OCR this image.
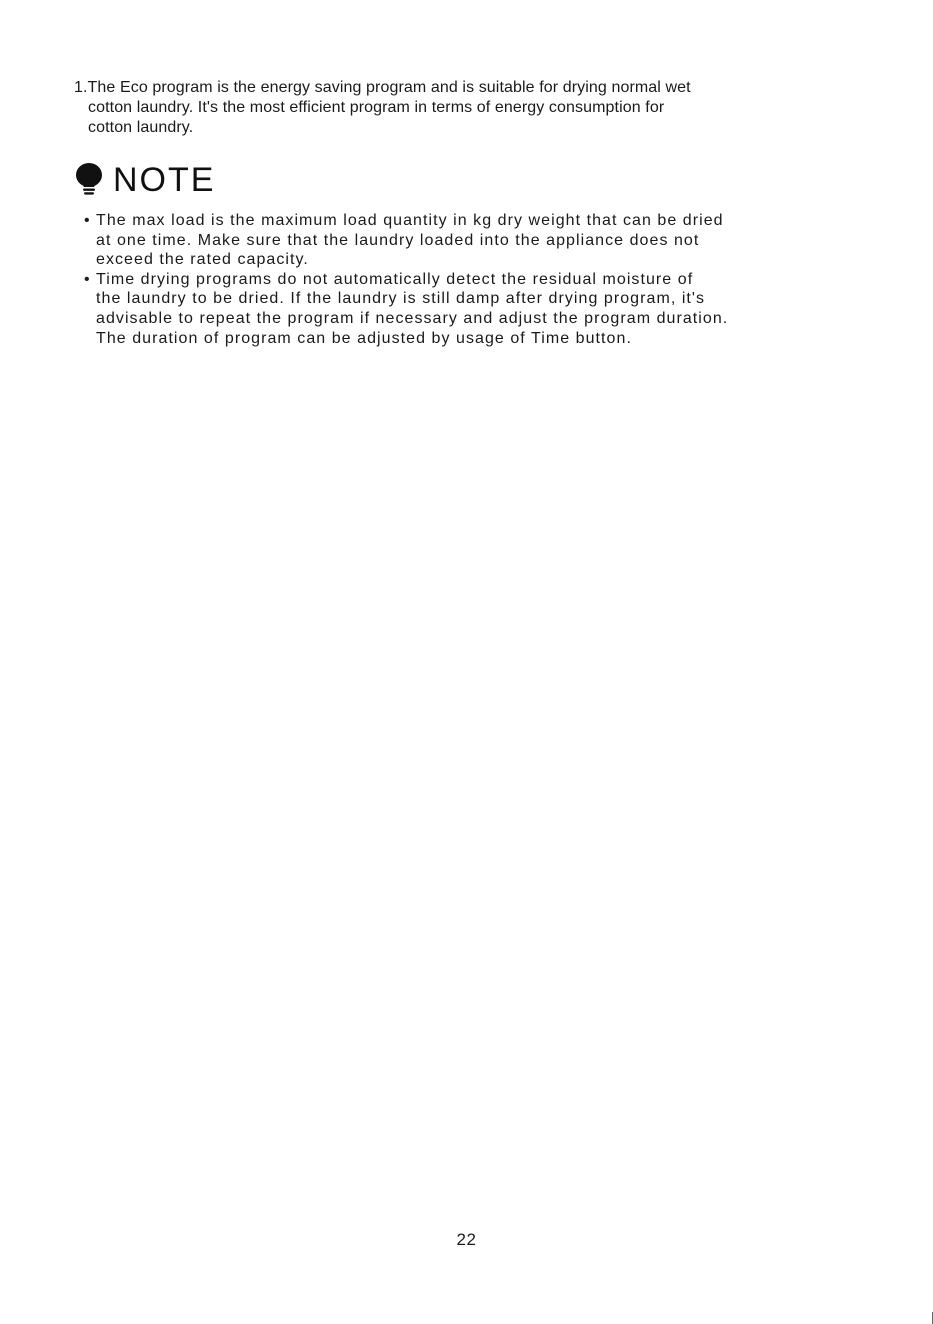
1.The Eco program is the energy saving program and is suitable for drying normal wet
cotton laundry. It's the most efficient program in terms of energy consumption for
cotton laundry.
NOTE
• The max load is the maximum load quantity in kg dry weight that can be dried
at one time. Make sure that the laundry loaded into the appliance does not
exceed the rated capacity.
• Time drying programs do not automatically detect the residual moisture of
the laundry to be dried. If the laundry is still damp after drying program, it's
advisable to repeat the program if necessary and adjust the program duration.
The duration of program can be adjusted by usage of Time button.
22
